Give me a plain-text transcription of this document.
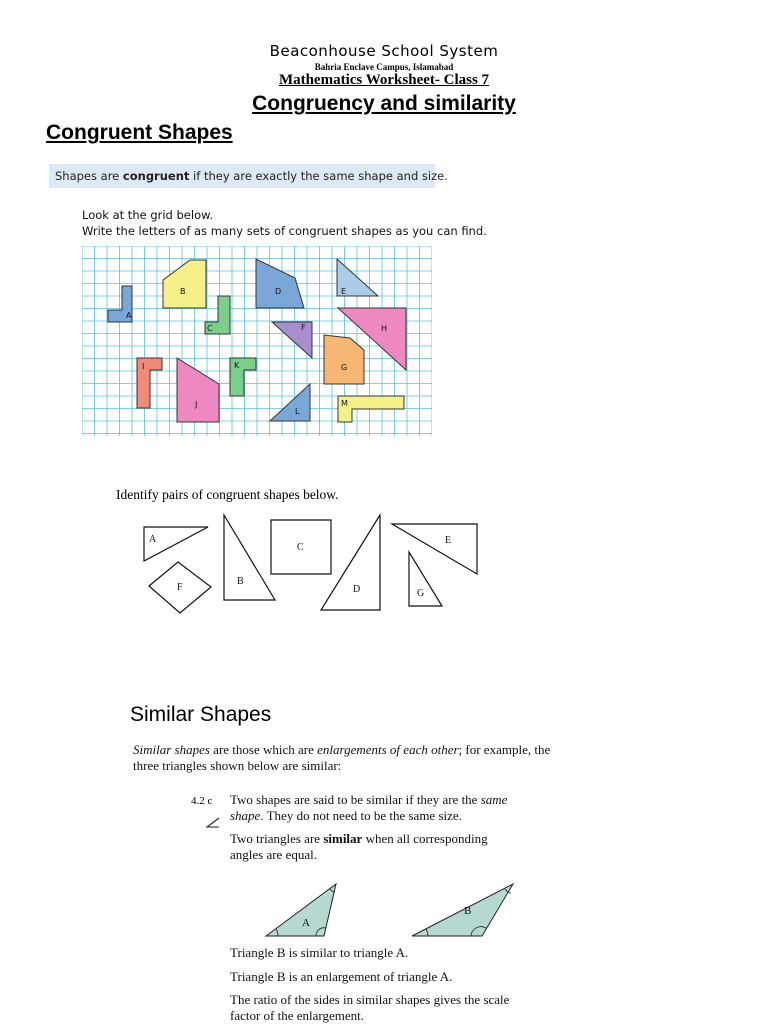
Beaconhouse School System
Bahria Enclave Campus, Islamabad
Mathematics Worksheet- Class 7
Congruency and similarity
Congruent Shapes
Shapes are congruent if they are exactly the same shape and size.
Look at the grid below.
Write the letters of as many sets of congruent shapes as you can find.
A
B
C
D	E
F
G
H
I
J
K
L
M
Identify pairs of congruent shapes below.
A
B
C
D
E
F
G
Similar Shapes
Similar shapes are those which are enlargements of each other; for example, the
three triangles shown below are similar:
4.2 c Two shapes are said to be similar if they are the same
shape. They do not need to be the same size.
Two triangles are similar when all corresponding
angles are equal.
A
B
Triangle B is similar to triangle A.
Triangle B is an enlargement of triangle A.
The ratio of the sides in similar shapes gives the scale
factor of the enlargement.
